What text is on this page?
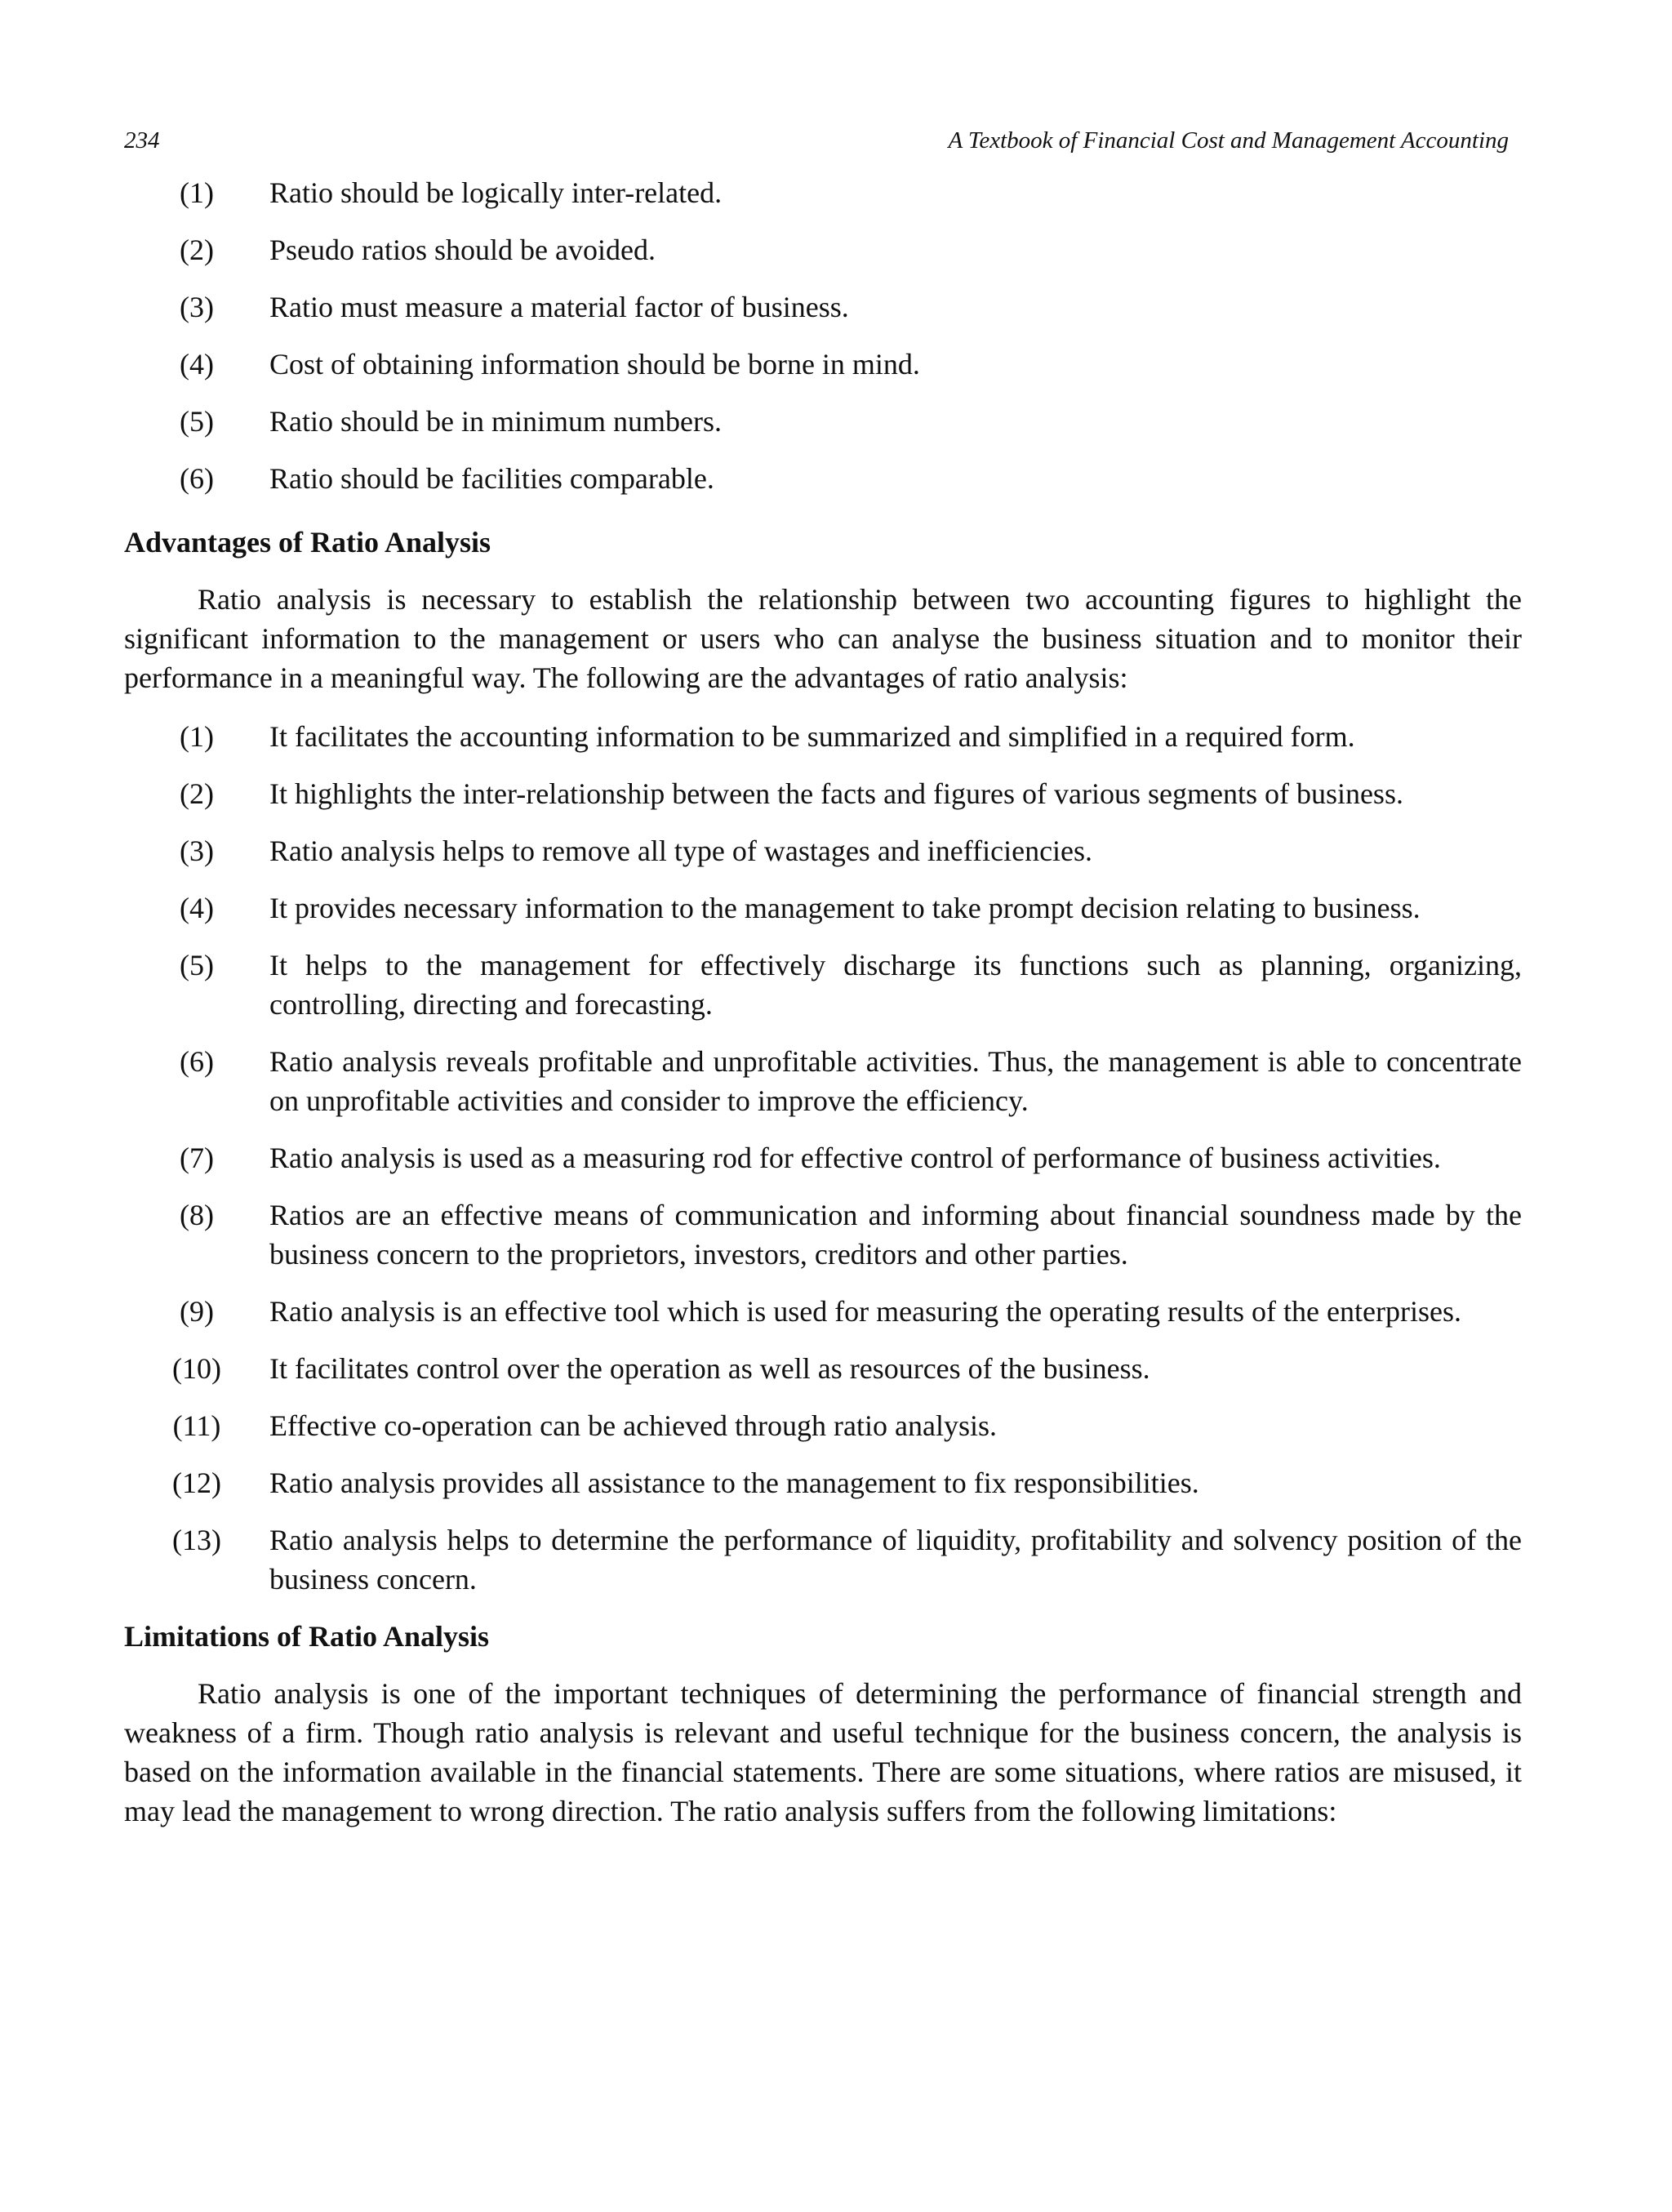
234	A Textbook of Financial Cost and Management Accounting
(1)	Ratio should be logically inter-related.
(2)	Pseudo ratios should be avoided.
(3)	Ratio must measure a material factor of business.
(4)	Cost of obtaining information should be borne in mind.
(5)	Ratio should be in minimum numbers.
(6)	Ratio should be facilities comparable.
Advantages of Ratio Analysis

Ratio analysis is necessary to establish the relationship between two accounting figures to highlight the significant information to the management or users who can analyse the business situation and to monitor their performance in a meaningful way. The following are the advantages of ratio analysis:

(1)	It facilitates the accounting information to be summarized and simplified in a required form.
(2)	It highlights the inter-relationship between the facts and figures of various segments of business.
(3)	Ratio analysis helps to remove all type of wastages and inefficiencies.
(4)	It provides necessary information to the management to take prompt decision relating to business.
(5)	It helps to the management for effectively discharge its functions such as planning, organizing, controlling, directing and forecasting.
(6)	Ratio analysis reveals profitable and unprofitable activities. Thus, the management is able to concentrate on unprofitable activities and consider to improve the efficiency.
(7)	Ratio analysis is used as a measuring rod for effective control of performance of business activities.
(8)	Ratios are an effective means of communication and informing about financial soundness made by the business concern to the proprietors, investors, creditors and other parties.
(9)	Ratio analysis is an effective tool which is used for measuring the operating results of the enterprises.
(10)	It facilitates control over the operation as well as resources of the business.
(11)	Effective co-operation can be achieved through ratio analysis.
(12)	Ratio analysis provides all assistance to the management to fix responsibilities.
(13)	Ratio analysis helps to determine the performance of liquidity, profitability and solvency position of the business concern.
Limitations of Ratio Analysis

Ratio analysis is one of the important techniques of determining the performance of financial strength and weakness of a firm. Though ratio analysis is relevant and useful technique for the business concern, the analysis is based on the information available in the financial statements. There are some situations, where ratios are misused, it may lead the management to wrong direction. The ratio analysis suffers from the following limitations:
